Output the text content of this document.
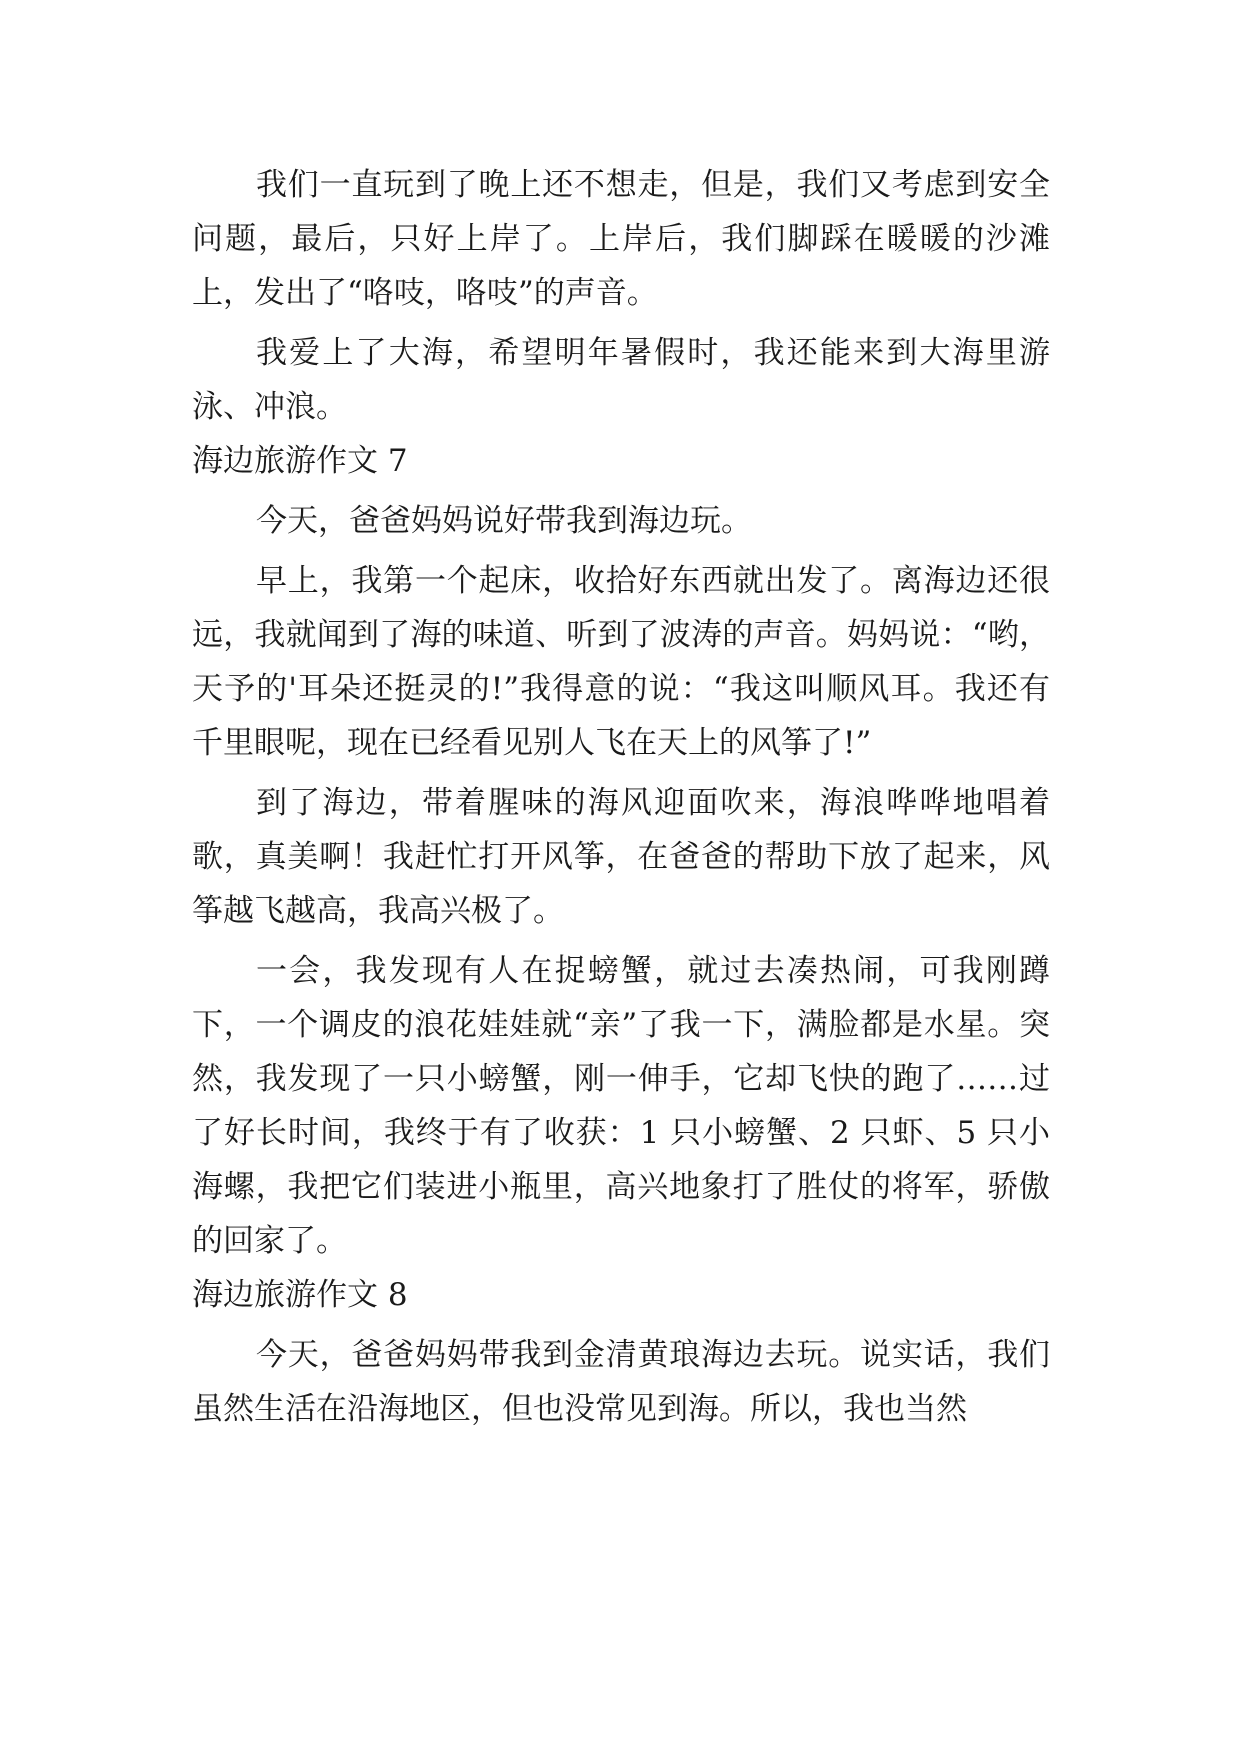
我们一直玩到了晚上还不想走，但是，我们又考虑到安全问题，最后，只好上岸了。上岸后，我们脚踩在暖暖的沙滩上，发出了“咯吱，咯吱”的声音。

我爱上了大海，希望明年暑假时，我还能来到大海里游泳、冲浪。

海边旅游作文 7

今天，爸爸妈妈说好带我到海边玩。

早上，我第一个起床，收拾好东西就出发了。离海边还很远，我就闻到了海的味道、听到了波涛的声音。妈妈说：“哟，天予的'耳朵还挺灵的!”我得意的说：“我这叫顺风耳。我还有千里眼呢，现在已经看见别人飞在天上的风筝了!”

到了海边，带着腥味的海风迎面吹来，海浪哗哗地唱着歌，真美啊！我赶忙打开风筝，在爸爸的帮助下放了起来，风筝越飞越高，我高兴极了。

一会，我发现有人在捉螃蟹，就过去凑热闹，可我刚蹲下，一个调皮的浪花娃娃就“亲”了我一下，满脸都是水星。突然，我发现了一只小螃蟹，刚一伸手，它却飞快的跑了……过了好长时间，我终于有了收获：1 只小螃蟹、2 只虾、5 只小海螺，我把它们装进小瓶里，高兴地象打了胜仗的将军，骄傲的回家了。

海边旅游作文 8

今天，爸爸妈妈带我到金清黄琅海边去玩。说实话，我们虽然生活在沿海地区，但也没常见到海。所以，我也当然
